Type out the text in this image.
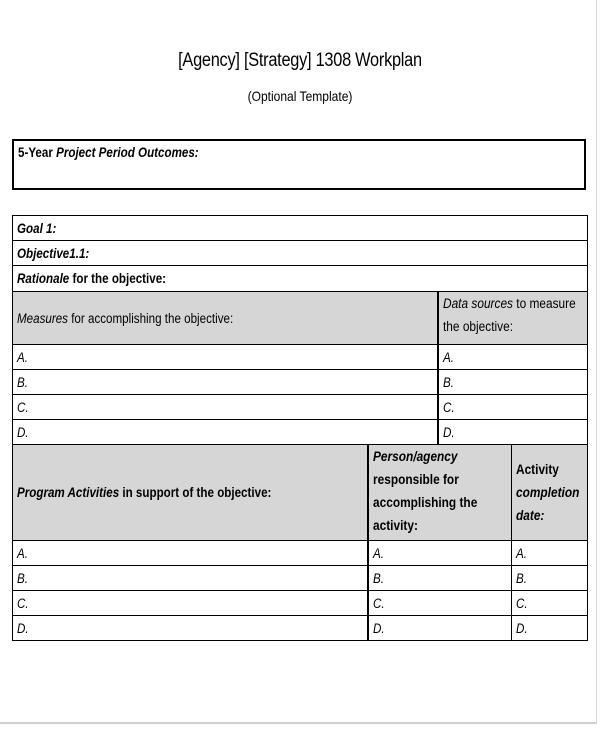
[Agency] [Strategy] 1308 Workplan
(Optional Template)
5-Year Project Period Outcomes:
Goal 1:			
Objective1.1:			
Rationale for the objective:			
Measures for accomplishing the objective:		Data sources to measure the objective:	

A.		A.	
B.		B.	
C.		C.	
D.		D.	
Program Activities in support of the objective:	Person/agency responsible for accomplishing the activity:		Activity completion date:

A.	A.		A.
B.	B.		B.
C.	C.		C.
D.	D.		D.
